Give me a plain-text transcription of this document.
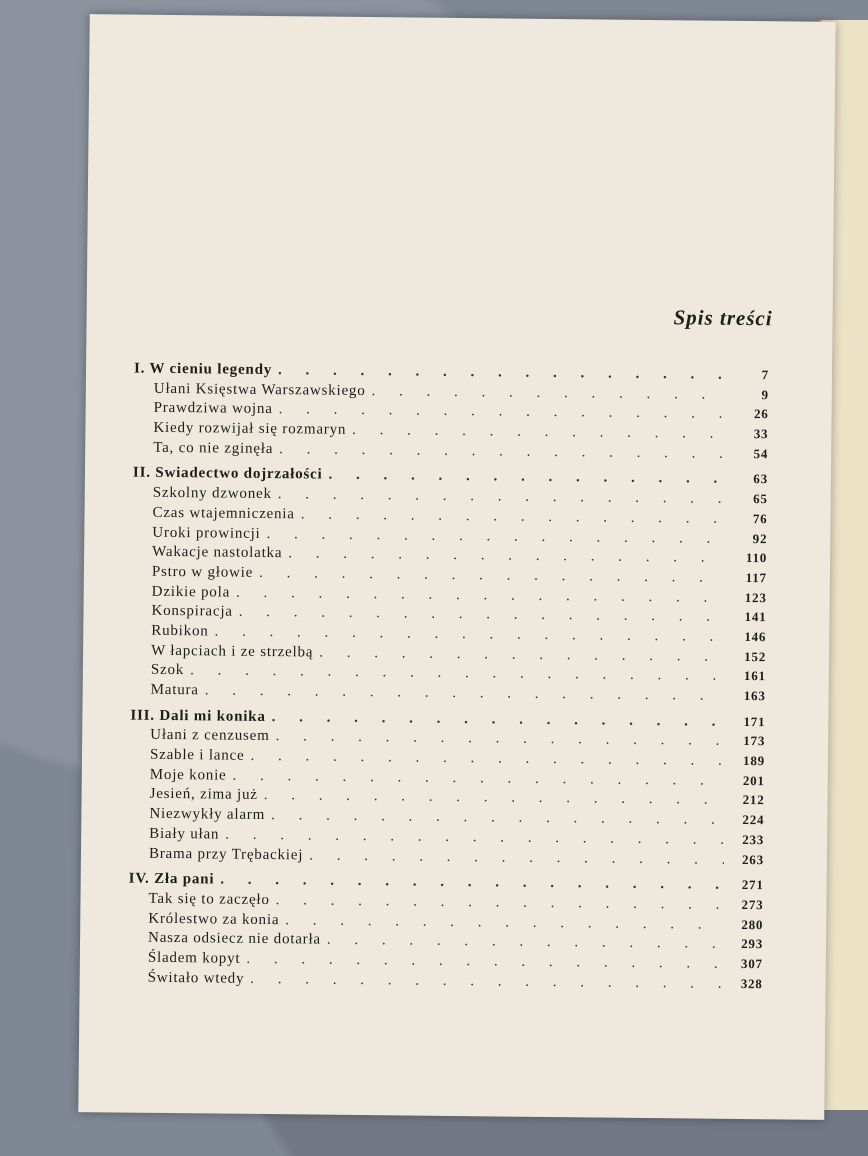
Spis treści
I. W cieniu legendy . . .	7
Ułani Księstwa Warszawskiego . . .	9
Prawdziwa wojna . . .	26
Kiedy rozwijał się rozmaryn . . .	33
Ta, co nie zginęła . . .	54
II. Swiadectwo dojrzałości . . .	63
Szkolny dzwonek . . .	65
Czas wtajemniczenia . . .	76
Uroki prowincji . . .	92
Wakacje nastolatka . . .	110
Pstro w głowie . . .	117
Dzikie pola . . .	123
Konspiracja . . .	141
Rubikon . . .	146
W łapciach i ze strzelbą . . .	152
Szok . . .	161
Matura . . .	163
III. Dali mi konika . . .	171
Ułani z cenzusem . . .	173
Szable i lance . . .	189
Moje konie . . .	201
Jesień, zima już . . .	212
Niezwykły alarm . . .	224
Biały ułan . . .	233
Brama przy Trębackiej . . .	263
IV. Zła pani . . .	271
Tak się to zaczęło . . .	273
Królestwo za konia . . .	280
Nasza odsiecz nie dotarła . . .	293
Śladem kopyt . . .	307
Świtało wtedy . . .	328
